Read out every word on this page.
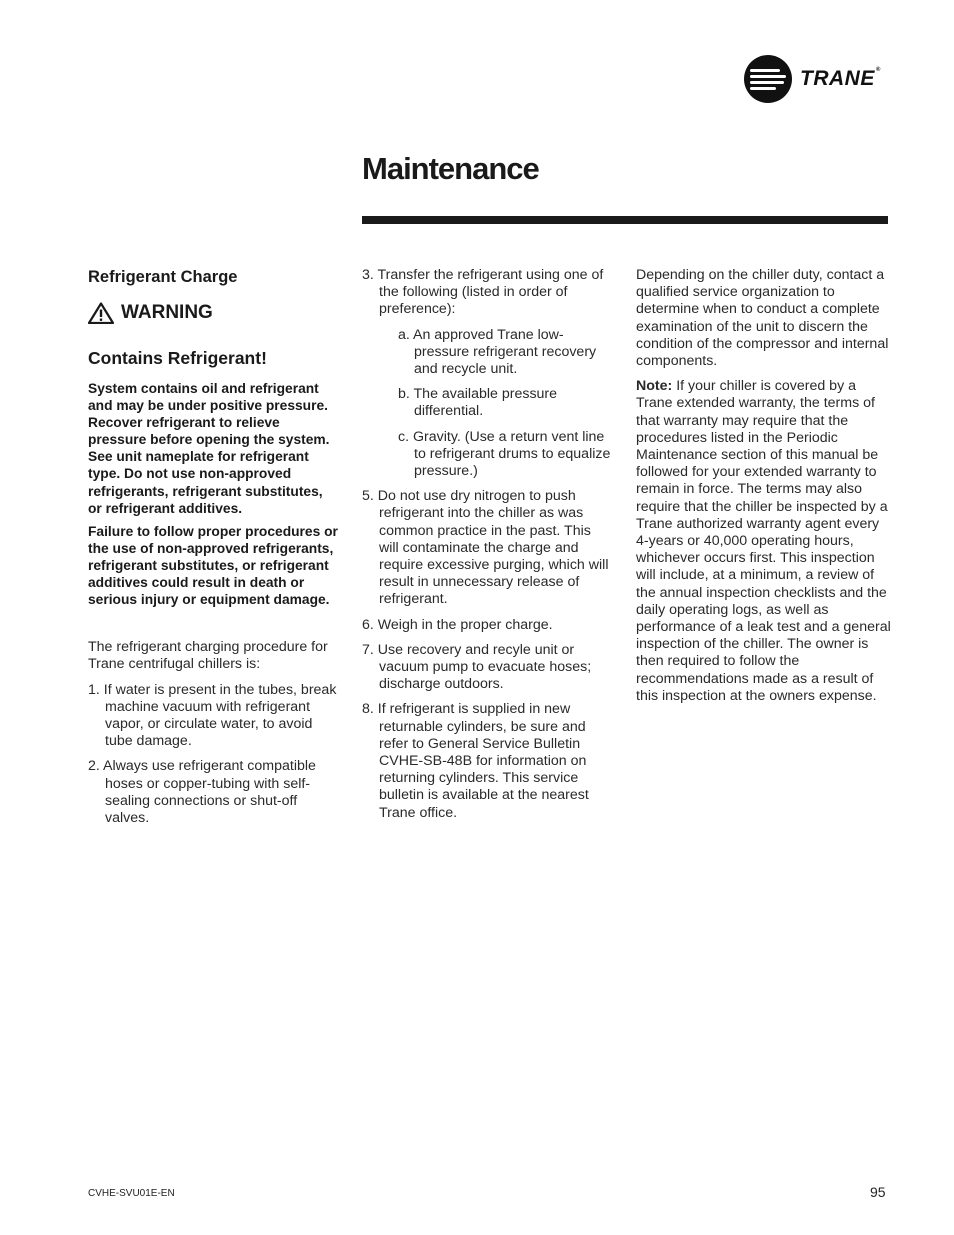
TRANE®
Maintenance
Refrigerant Charge
WARNING
Contains Refrigerant!

System contains oil and refrigerant and may be under positive pressure. Recover refrigerant to relieve pressure before opening the system. See unit nameplate for refrigerant type. Do not use non-approved refrigerants, refrigerant substitutes, or refrigerant additives.

Failure to follow proper procedures or the use of non-approved refrigerants, refrigerant substitutes, or refrigerant additives could result in death or serious injury or equipment damage.

The refrigerant charging procedure for Trane centrifugal chillers is:

1. If water is present in the tubes, break machine vacuum with refrigerant vapor, or circulate water, to avoid tube damage.
2. Always use refrigerant compatible hoses or copper-tubing with self-sealing connections or shut-off valves.
3. Transfer the refrigerant using one of the following (listed in order of preference):
a. An approved Trane low-pressure refrigerant recovery and recycle unit.
b. The available pressure differential.
c. Gravity. (Use a return vent line to refrigerant drums to equalize pressure.)
5. Do not use dry nitrogen to push refrigerant into the chiller as was common practice in the past. This will contaminate the charge and require excessive purging, which will result in unnecessary release of refrigerant.
6. Weigh in the proper charge.
7. Use recovery and recyle unit or vacuum pump to evacuate hoses; discharge outdoors.
8. If refrigerant is supplied in new returnable cylinders, be sure and refer to General Service Bulletin CVHE-SB-48B for information on returning cylinders. This service bulletin is available at the nearest Trane office.

Depending on the chiller duty, contact a qualified service organization to determine when to conduct a complete examination of the unit to discern the condition of the compressor and internal components.

Note: If your chiller is covered by a Trane extended warranty, the terms of that warranty may require that the procedures listed in the Periodic Maintenance section of this manual be followed for your extended warranty to remain in force. The terms may also require that the chiller be inspected by a Trane authorized warranty agent every 4-years or 40,000 operating hours, whichever occurs first. This inspection will include, at a minimum, a review of the annual inspection checklists and the daily operating logs, as well as performance of a leak test and a general inspection of the chiller. The owner is then required to follow the recommendations made as a result of this inspection at the owners expense.

CVHE-SVU01E-EN	95
